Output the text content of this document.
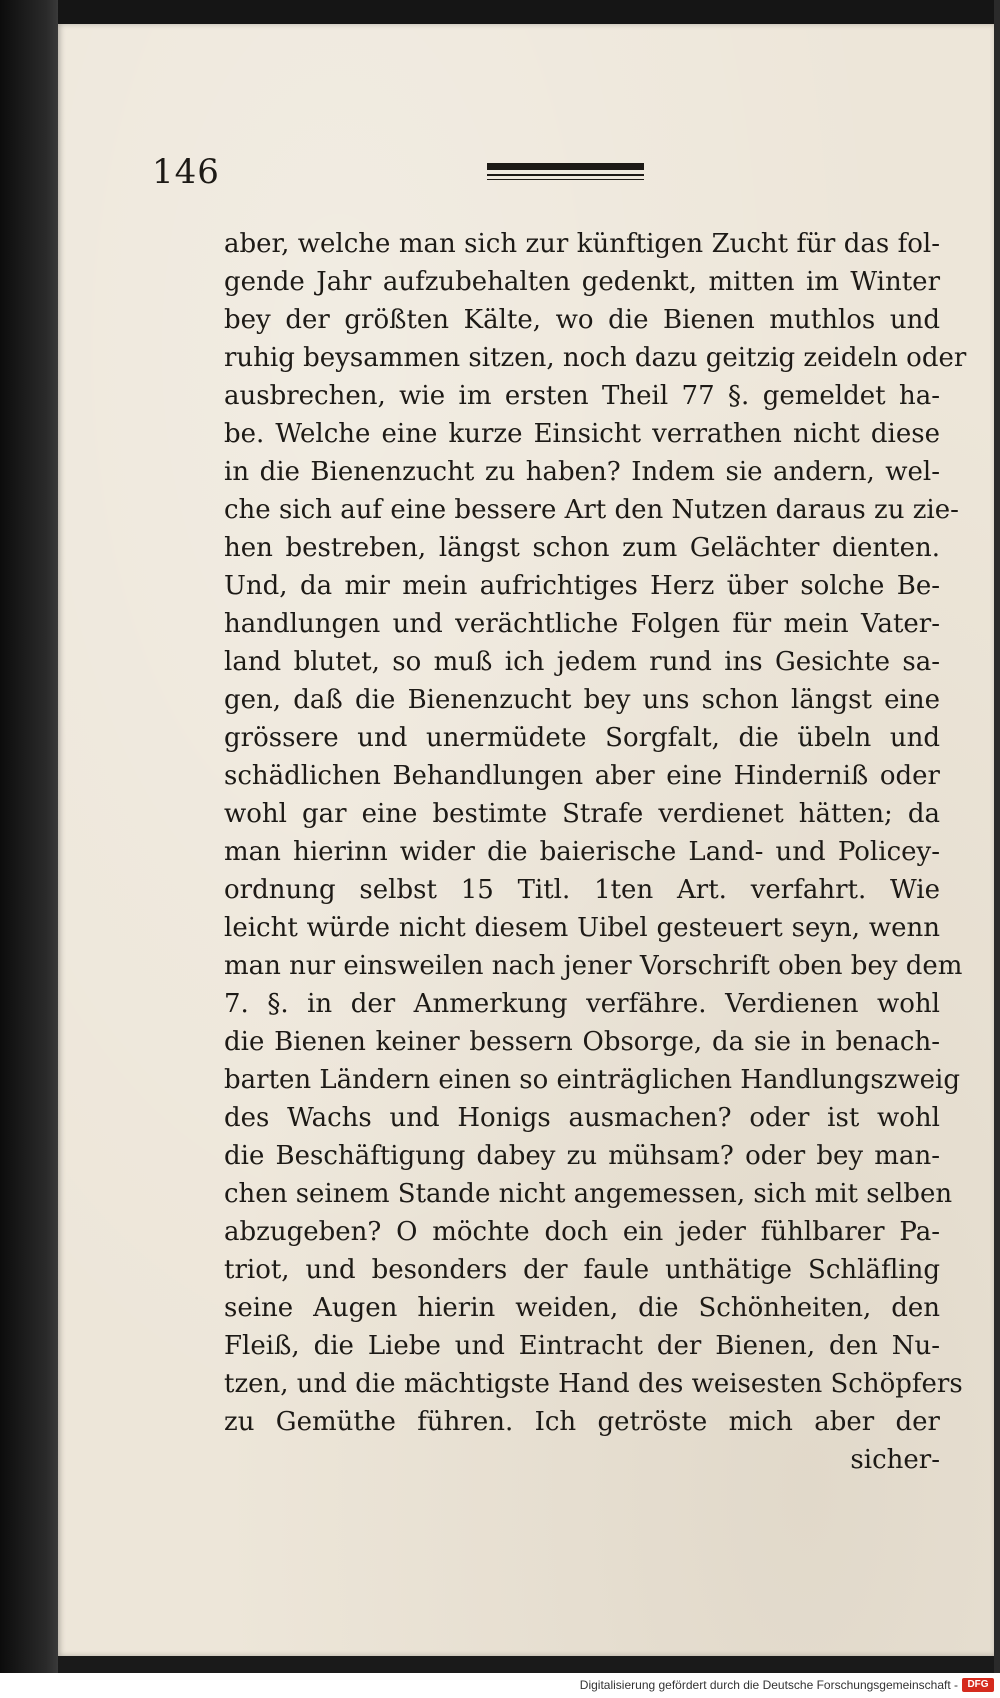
146
aber, welche man sich zur künftigen Zucht für das fol-
gende Jahr aufzubehalten gedenkt, mitten im Winter
bey der größten Kälte, wo die Bienen muthlos und
ruhig beysammen sitzen, noch dazu geitzig zeideln oder
ausbrechen, wie im ersten Theil 77 §. gemeldet ha-
be. Welche eine kurze Einsicht verrathen nicht diese
in die Bienenzucht zu haben? Indem sie andern, wel-
che sich auf eine bessere Art den Nutzen daraus zu zie-
hen bestreben, längst schon zum Gelächter dienten.
Und, da mir mein aufrichtiges Herz über solche Be-
handlungen und verächtliche Folgen für mein Vater-
land blutet, so muß ich jedem rund ins Gesichte sa-
gen, daß die Bienenzucht bey uns schon längst eine
grössere und unermüdete Sorgfalt, die übeln und
schädlichen Behandlungen aber eine Hinderniß oder
wohl gar eine bestimte Strafe verdienet hätten; da
man hierinn wider die baierische Land- und Policey-
ordnung selbst 15 Titl. 1ten Art. verfahrt. Wie
leicht würde nicht diesem Uibel gesteuert seyn, wenn
man nur einsweilen nach jener Vorschrift oben bey dem
7. §. in der Anmerkung verfähre. Verdienen wohl
die Bienen keiner bessern Obsorge, da sie in benach-
barten Ländern einen so einträglichen Handlungszweig
des Wachs und Honigs ausmachen? oder ist wohl
die Beschäftigung dabey zu mühsam? oder bey man-
chen seinem Stande nicht angemessen, sich mit selben
abzugeben? O möchte doch ein jeder fühlbarer Pa-
triot, und besonders der faule unthätige Schläfling
seine Augen hierin weiden, die Schönheiten, den
Fleiß, die Liebe und Eintracht der Bienen, den Nu-
tzen, und die mächtigste Hand des weisesten Schöpfers
zu Gemüthe führen. Ich getröste mich aber der
sicher-
Digitalisierung gefördert durch die Deutsche Forschungsgemeinschaft - DFG
